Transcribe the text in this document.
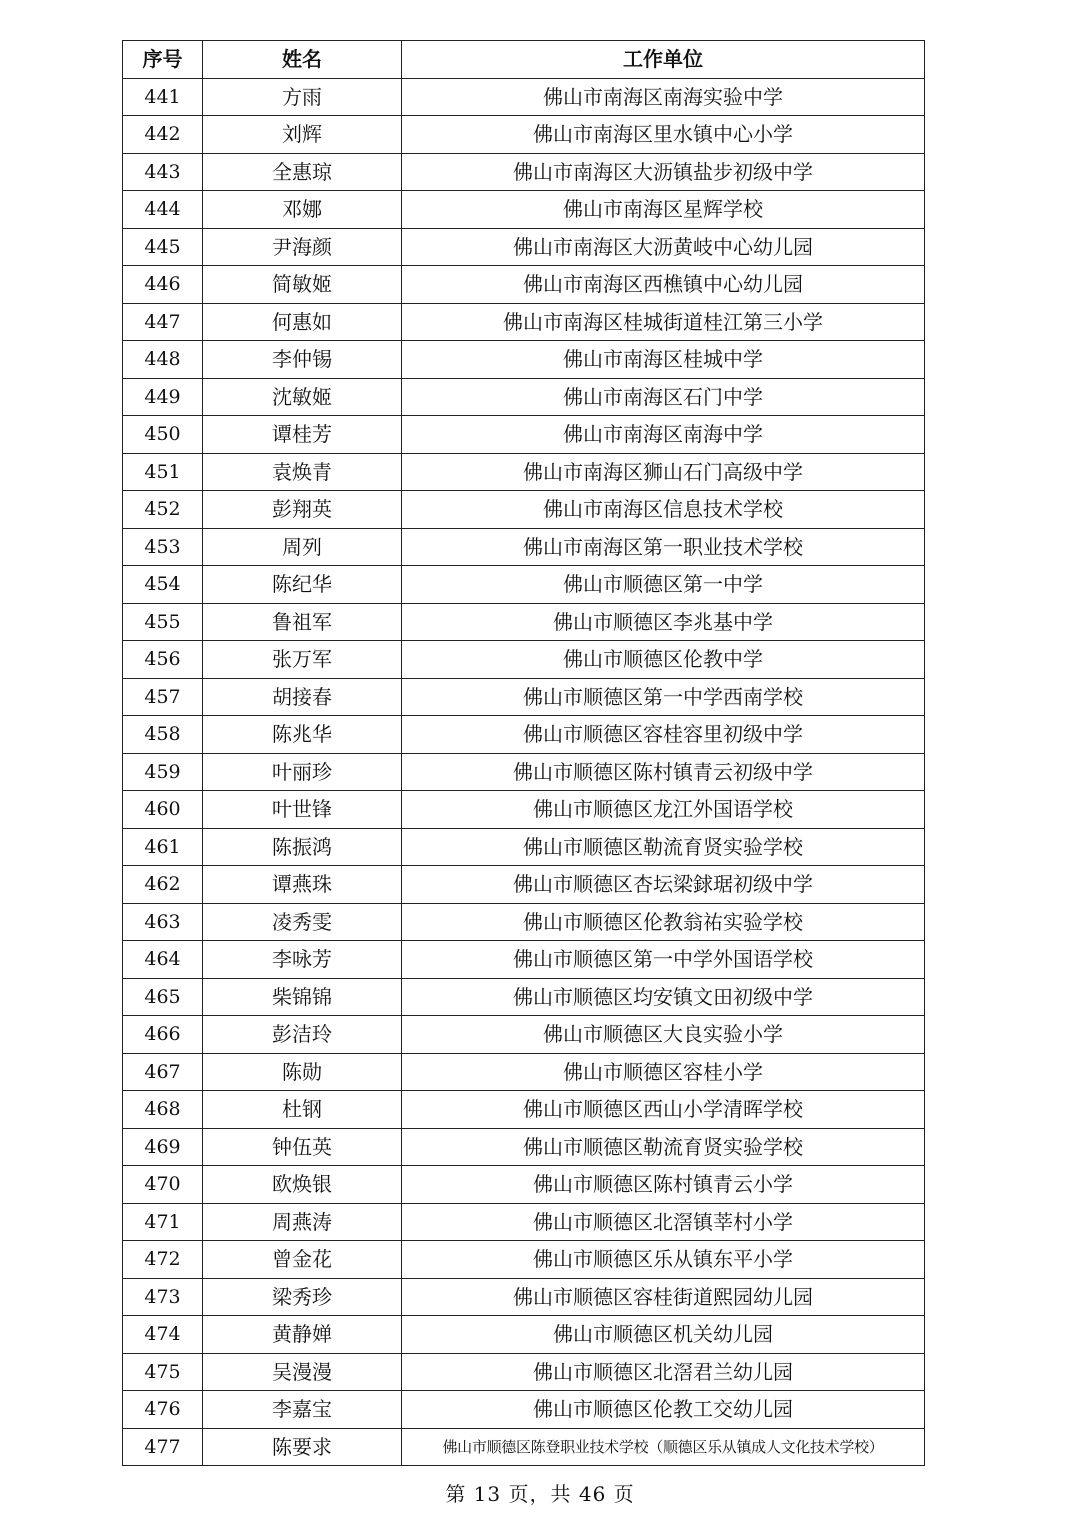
序号	姓名	工作单位
441	方雨	佛山市南海区南海实验中学
442	刘辉	佛山市南海区里水镇中心小学
443	全惠琼	佛山市南海区大沥镇盐步初级中学
444	邓娜	佛山市南海区星辉学校
445	尹海颜	佛山市南海区大沥黄岐中心幼儿园
446	简敏姬	佛山市南海区西樵镇中心幼儿园
447	何惠如	佛山市南海区桂城街道桂江第三小学
448	李仲锡	佛山市南海区桂城中学
449	沈敏姬	佛山市南海区石门中学
450	谭桂芳	佛山市南海区南海中学
451	袁焕青	佛山市南海区狮山石门高级中学
452	彭翔英	佛山市南海区信息技术学校
453	周列	佛山市南海区第一职业技术学校
454	陈纪华	佛山市顺德区第一中学
455	鲁祖军	佛山市顺德区李兆基中学
456	张万军	佛山市顺德区伦教中学
457	胡接春	佛山市顺德区第一中学西南学校
458	陈兆华	佛山市顺德区容桂容里初级中学
459	叶丽珍	佛山市顺德区陈村镇青云初级中学
460	叶世锋	佛山市顺德区龙江外国语学校
461	陈振鸿	佛山市顺德区勒流育贤实验学校
462	谭燕珠	佛山市顺德区杏坛梁銶琚初级中学
463	凌秀雯	佛山市顺德区伦教翁祐实验学校
464	李咏芳	佛山市顺德区第一中学外国语学校
465	柴锦锦	佛山市顺德区均安镇文田初级中学
466	彭洁玲	佛山市顺德区大良实验小学
467	陈勋	佛山市顺德区容桂小学
468	杜钢	佛山市顺德区西山小学清晖学校
469	钟伍英	佛山市顺德区勒流育贤实验学校
470	欧焕银	佛山市顺德区陈村镇青云小学
471	周燕涛	佛山市顺德区北滘镇莘村小学
472	曾金花	佛山市顺德区乐从镇东平小学
473	梁秀珍	佛山市顺德区容桂街道熙园幼儿园
474	黄静婵	佛山市顺德区机关幼儿园
475	吴漫漫	佛山市顺德区北滘君兰幼儿园
476	李嘉宝	佛山市顺德区伦教工交幼儿园
477	陈要求	佛山市顺德区陈登职业技术学校（顺德区乐从镇成人文化技术学校）
第 13 页，共 46 页
